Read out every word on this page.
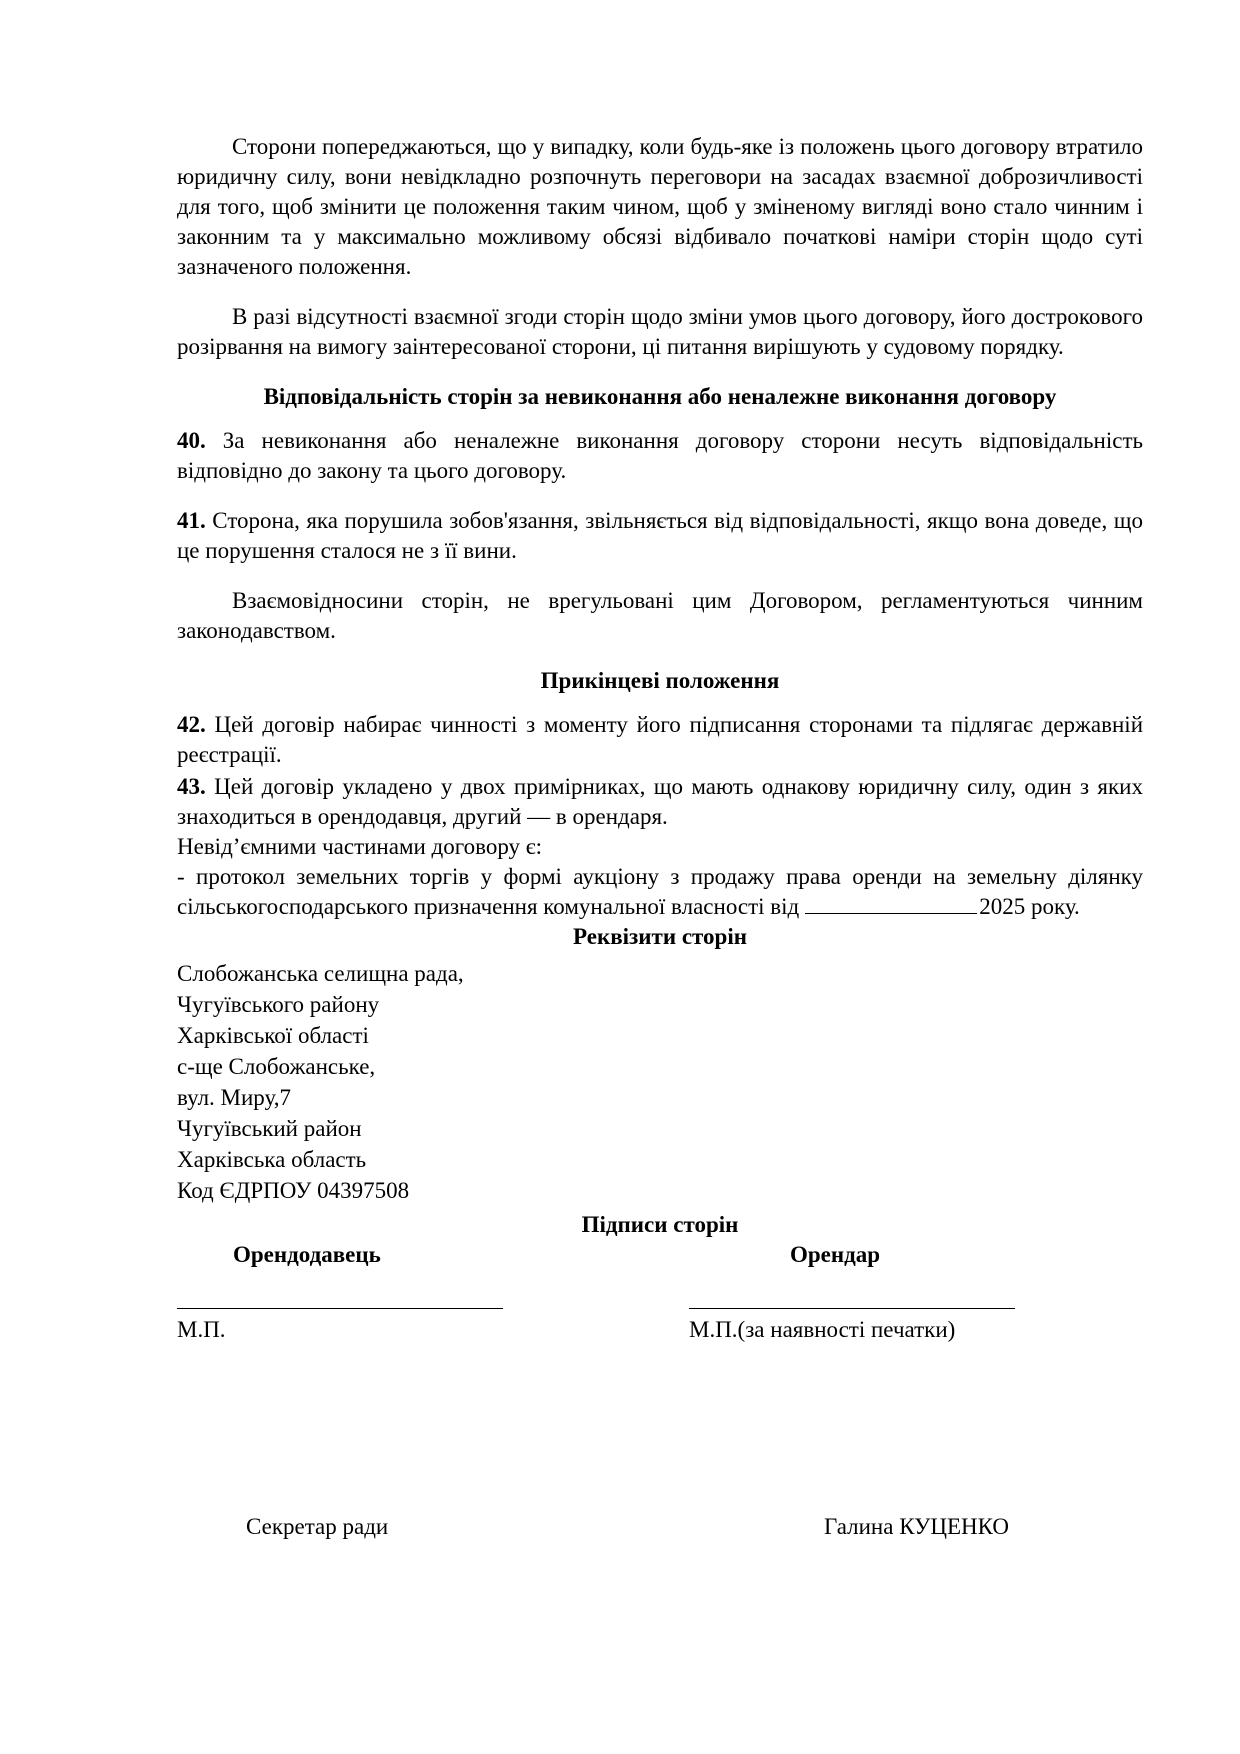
Сторони попереджаються, що у випадку, коли будь-яке із положень цього договору втратило юридичну силу, вони невідкладно розпочнуть переговори на засадах взаємної доброзичливості для того, щоб змінити це положення таким чином, щоб у зміненому вигляді воно стало чинним і законним та у максимально можливому обсязі відбивало початкові наміри сторін щодо суті зазначеного положення.

В разі відсутності взаємної згоди сторін щодо зміни умов цього договору, його дострокового розірвання на вимогу заінтересованої сторони, ці питання вирішують у судовому порядку.

Відповідальність сторін за невиконання або неналежне виконання договору

40. За невиконання або неналежне виконання договору сторони несуть відповідальність відповідно до закону та цього договору.

41. Сторона, яка порушила зобов'язання, звільняється від відповідальності, якщо вона доведе, що це порушення сталося не з її вини.

Взаємовідносини сторін, не врегульовані цим Договором, регламентуються чинним законодавством.

Прикінцеві положення

42. Цей договір набирає чинності з моменту його підписання сторонами та підлягає державній реєстрації.

43. Цей договір укладено у двох примірниках, що мають однакову юридичну силу, один з яких знаходиться в орендодавця, другий — в орендаря.

Невід’ємними частинами договору є:

- протокол земельних торгів у формі аукціону з продажу права оренди на земельну ділянку сільськогосподарського призначення комунальної власності від	2025 року.

Реквізити сторін

Слобожанська селищна рада,

Чугуївського району

Харківської області

с-ще Слобожанське,

вул. Миру,7

Чугуївський район

Харківська область

Код ЄДРПОУ 04397508

Підписи сторін

Орендодавець

М.П.

Орендар

М.П.(за наявності печатки)

Секретар ради	Галина КУЦЕНКО
